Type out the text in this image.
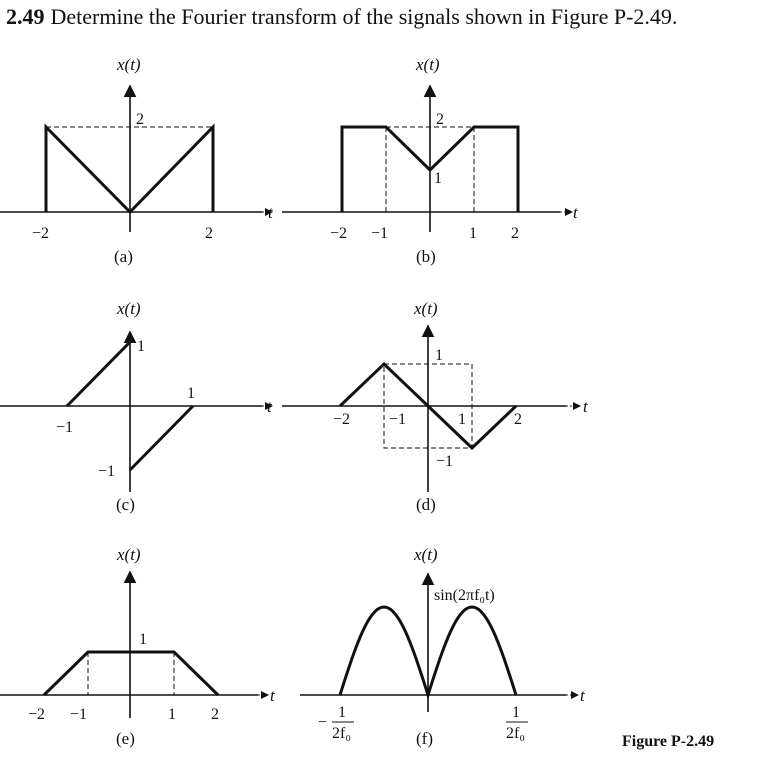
2.49 Determine the Fourier transform of the signals shown in Figure P-2.49.
x(t)
t
2
−2	2
(a)
x(t)
t
2
1
−2 −1	1 2
(b)
x(t)
t
1
−1
−1
1
(c)
x(t)
t
1
−1
−2 −1	1	2
(d)
x(t)
t
1
−2 −1	1 2
(e)
x(t)
t
sin(2πf₀t)
−
1
2f₀
1
2f₀
(f)	Figure P-2.49
